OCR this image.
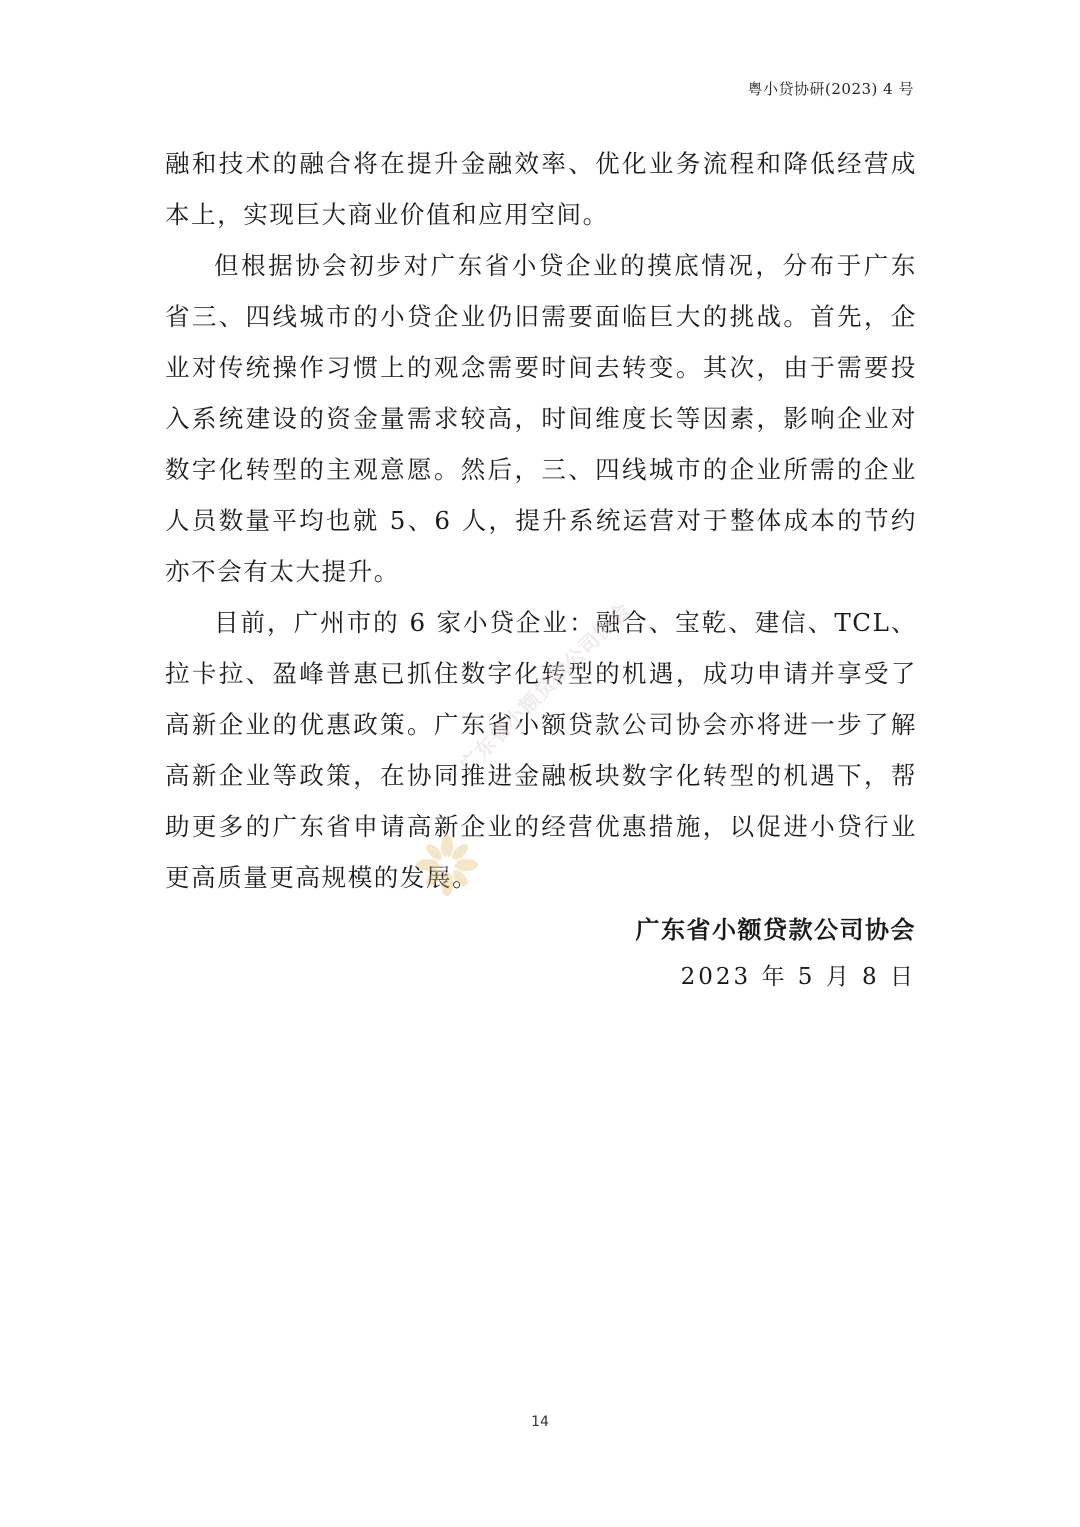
粤小贷协研(2023) 4 号

融和技术的融合将在提升金融效率、优化业务流程和降低经营成本上，实现巨大商业价值和应用空间。

但根据协会初步对广东省小贷企业的摸底情况，分布于广东省三、四线城市的小贷企业仍旧需要面临巨大的挑战。首先，企业对传统操作习惯上的观念需要时间去转变。其次，由于需要投入系统建设的资金量需求较高，时间维度长等因素，影响企业对数字化转型的主观意愿。然后，三、四线城市的企业所需的企业人员数量平均也就 5、6 人，提升系统运营对于整体成本的节约亦不会有太大提升。

目前，广州市的 6 家小贷企业：融合、宝乾、建信、TCL、拉卡拉、盈峰普惠已抓住数字化转型的机遇，成功申请并享受了高新企业的优惠政策。广东省小额贷款公司协会亦将进一步了解高新企业等政策，在协同推进金融板块数字化转型的机遇下，帮助更多的广东省申请高新企业的经营优惠措施，以促进小贷行业更高质量更高规模的发展。

广东省小额贷款公司协会
广东省小额贷款公司协会
2023 年 5 月 8 日
14
